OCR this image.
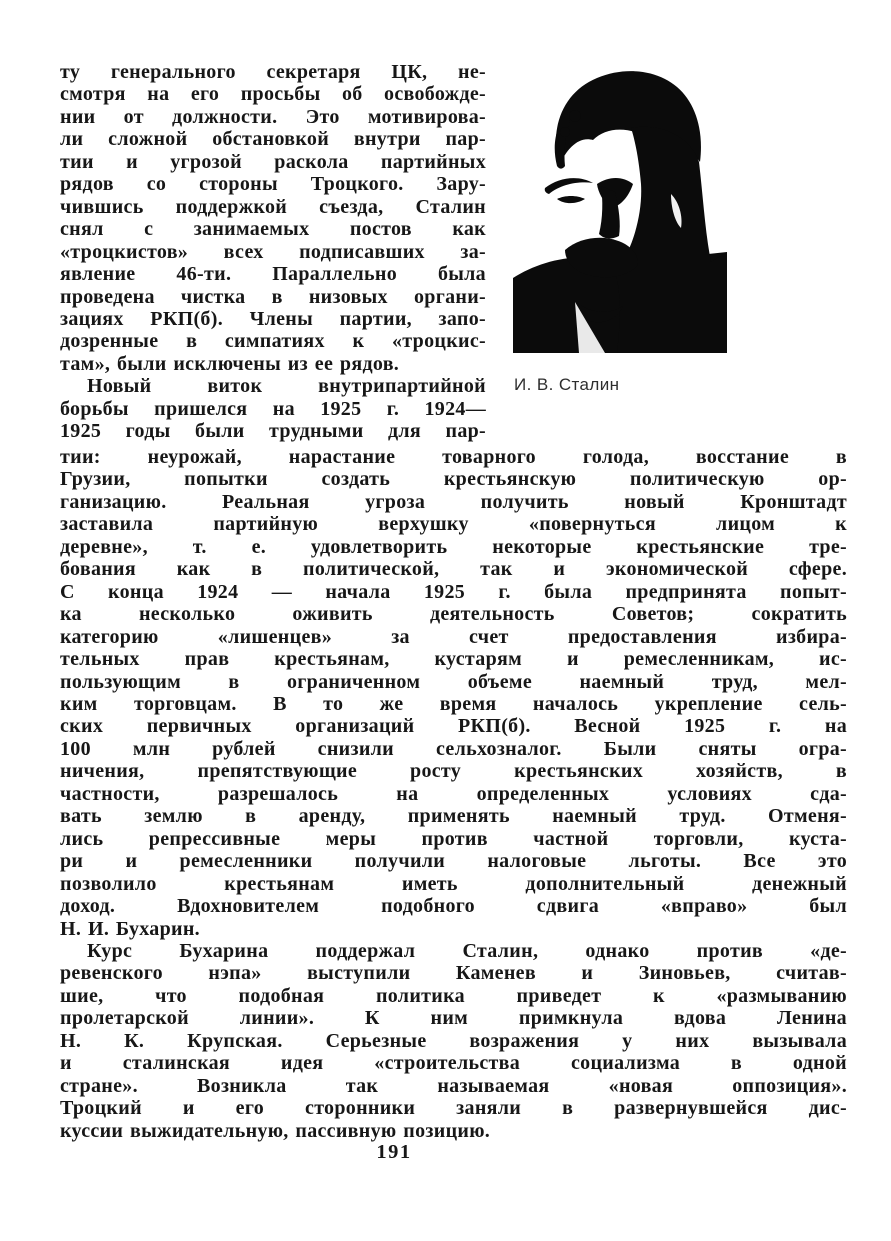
ту генерального секретаря ЦК, не-
смотря на его просьбы об освобожде-
нии от должности. Это мотивирова-
ли сложной обстановкой внутри пар-
тии и угрозой раскола партийных
рядов со стороны Троцкого. Зару-
чившись поддержкой съезда, Сталин
снял с занимаемых постов как
«троцкистов» всех подписавших за-
явление 46-ти. Параллельно была
проведена чистка в низовых органи-
зациях РКП(б). Члены партии, запо-
дозренные в симпатиях к «троцкис-
там», были исключены из ее рядов.
Новый виток внутрипартийной
борьбы пришелся на 1925 г. 1924—
1925 годы были трудными для пар-
И. В. Сталин
тии: неурожай, нарастание товарного голода, восстание в
Грузии, попытки создать крестьянскую политическую ор-
ганизацию. Реальная угроза получить новый Кронштадт
заставила партийную верхушку «повернуться лицом к
деревне», т. е. удовлетворить некоторые крестьянские тре-
бования как в политической, так и экономической сфере.
С конца 1924 — начала 1925 г. была предпринята попыт-
ка несколько оживить деятельность Советов; сократить
категорию «лишенцев» за счет предоставления избира-
тельных прав крестьянам, кустарям и ремесленникам, ис-
пользующим в ограниченном объеме наемный труд, мел-
ким торговцам. В то же время началось укрепление сель-
ских первичных организаций РКП(б). Весной 1925 г. на
100 млн рублей снизили сельхозналог. Были сняты огра-
ничения, препятствующие росту крестьянских хозяйств, в
частности, разрешалось на определенных условиях сда-
вать землю в аренду, применять наемный труд. Отменя-
лись репрессивные меры против частной торговли, куста-
ри и ремесленники получили налоговые льготы. Все это
позволило крестьянам иметь дополнительный денежный
доход. Вдохновителем подобного сдвига «вправо» был
Н. И. Бухарин.
Курс Бухарина поддержал Сталин, однако против «де-
ревенского нэпа» выступили Каменев и Зиновьев, считав-
шие, что подобная политика приведет к «размыванию
пролетарской линии». К ним примкнула вдова Ленина
Н. К. Крупская. Серьезные возражения у них вызывала
и сталинская идея «строительства социализма в одной
стране». Возникла так называемая «новая оппозиция».
Троцкий и его сторонники заняли в развернувшейся дис-
куссии выжидательную, пассивную позицию.
191
